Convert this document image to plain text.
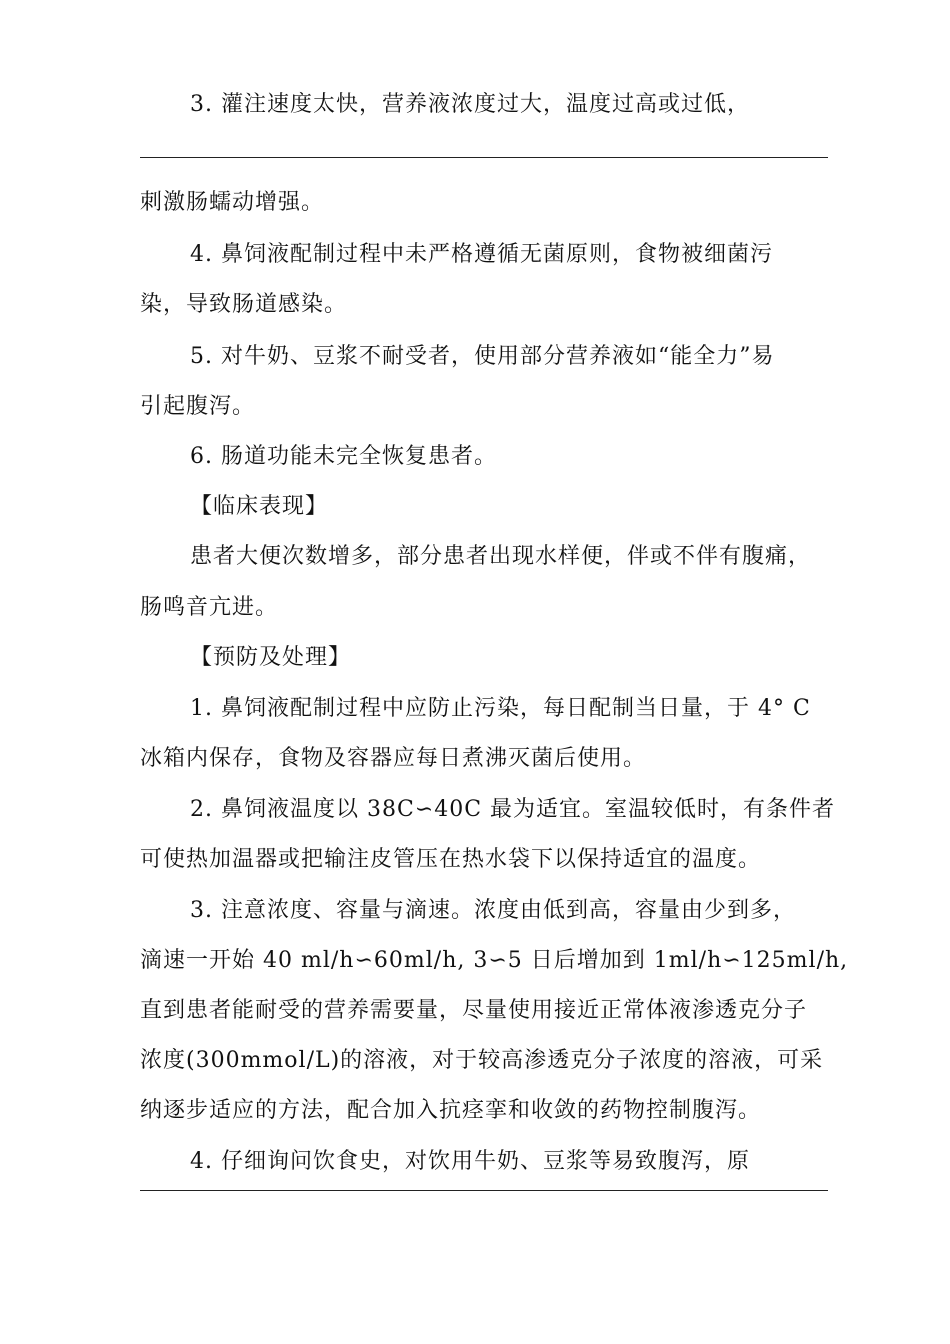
3. 灌注速度太快，营养液浓度过大，温度过高或过低，
刺激肠蠕动增强。
4. 鼻饲液配制过程中未严格遵循无菌原则，食物被细菌污
染，导致肠道感染。
5. 对牛奶、豆浆不耐受者，使用部分营养液如“能全力”易
引起腹泻。
6. 肠道功能未完全恢复患者。
【临床表现】
患者大便次数增多，部分患者出现水样便，伴或不伴有腹痛，
肠鸣音亢进。
【预防及处理】
1. 鼻饲液配制过程中应防止污染，每日配制当日量，于 4° C
冰箱内保存，食物及容器应每日煮沸灭菌后使用。
2. 鼻饲液温度以 38C∽40C 最为适宜。室温较低时，有条件者
可使热加温器或把输注皮管压在热水袋下以保持适宜的温度。
3. 注意浓度、容量与滴速。浓度由低到高，容量由少到多，
滴速一开始 40 ml/h∽60ml/h, 3∽5 日后增加到 1ml/h∽125ml/h,
直到患者能耐受的营养需要量，尽量使用接近正常体液渗透克分子
浓度(300mmol/L)的溶液，对于较高渗透克分子浓度的溶液，可采
纳逐步适应的方法，配合加入抗痉挛和收敛的药物控制腹泻。
4. 仔细询问饮食史，对饮用牛奶、豆浆等易致腹泻，原
